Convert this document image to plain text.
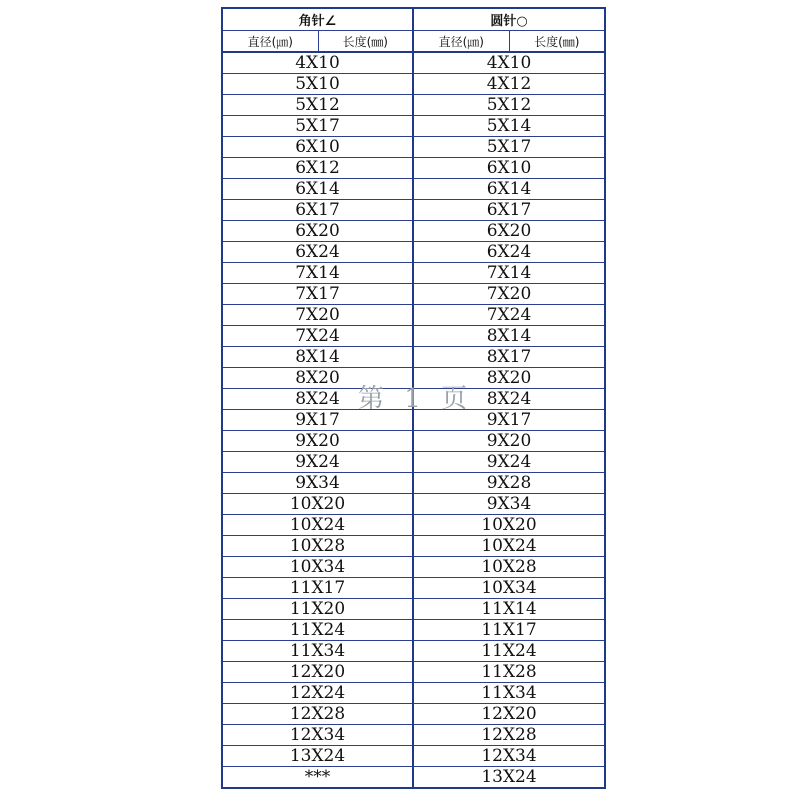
角针∠		圆针○	
直径(㎛)	长度(㎜)	直径(㎛)	长度(㎜)
4X10		4X10	
5X10		4X12	
5X12		5X12	
5X17		5X14	
6X10		5X17	
6X12		6X10	
6X14		6X14	
6X17		6X17	
6X20		6X20	
6X24		6X24	
7X14		7X14	
7X17		7X20	
7X20		7X24	
7X24		8X14	
8X14		8X17	
8X20		8X20	
8X24		8X24	
9X17		9X17	
9X20		9X20	
9X24		9X24	
9X34		9X28	
10X20		9X34	
10X24		10X20	
10X28		10X24	
10X34		10X28	
11X17		10X34	
11X20		11X14	
11X24		11X17	
11X34		11X24	
12X20		11X28	
12X24		11X34	
12X28		12X20	
12X34		12X28	
13X24		12X34	
***		13X24	
第 1 页
